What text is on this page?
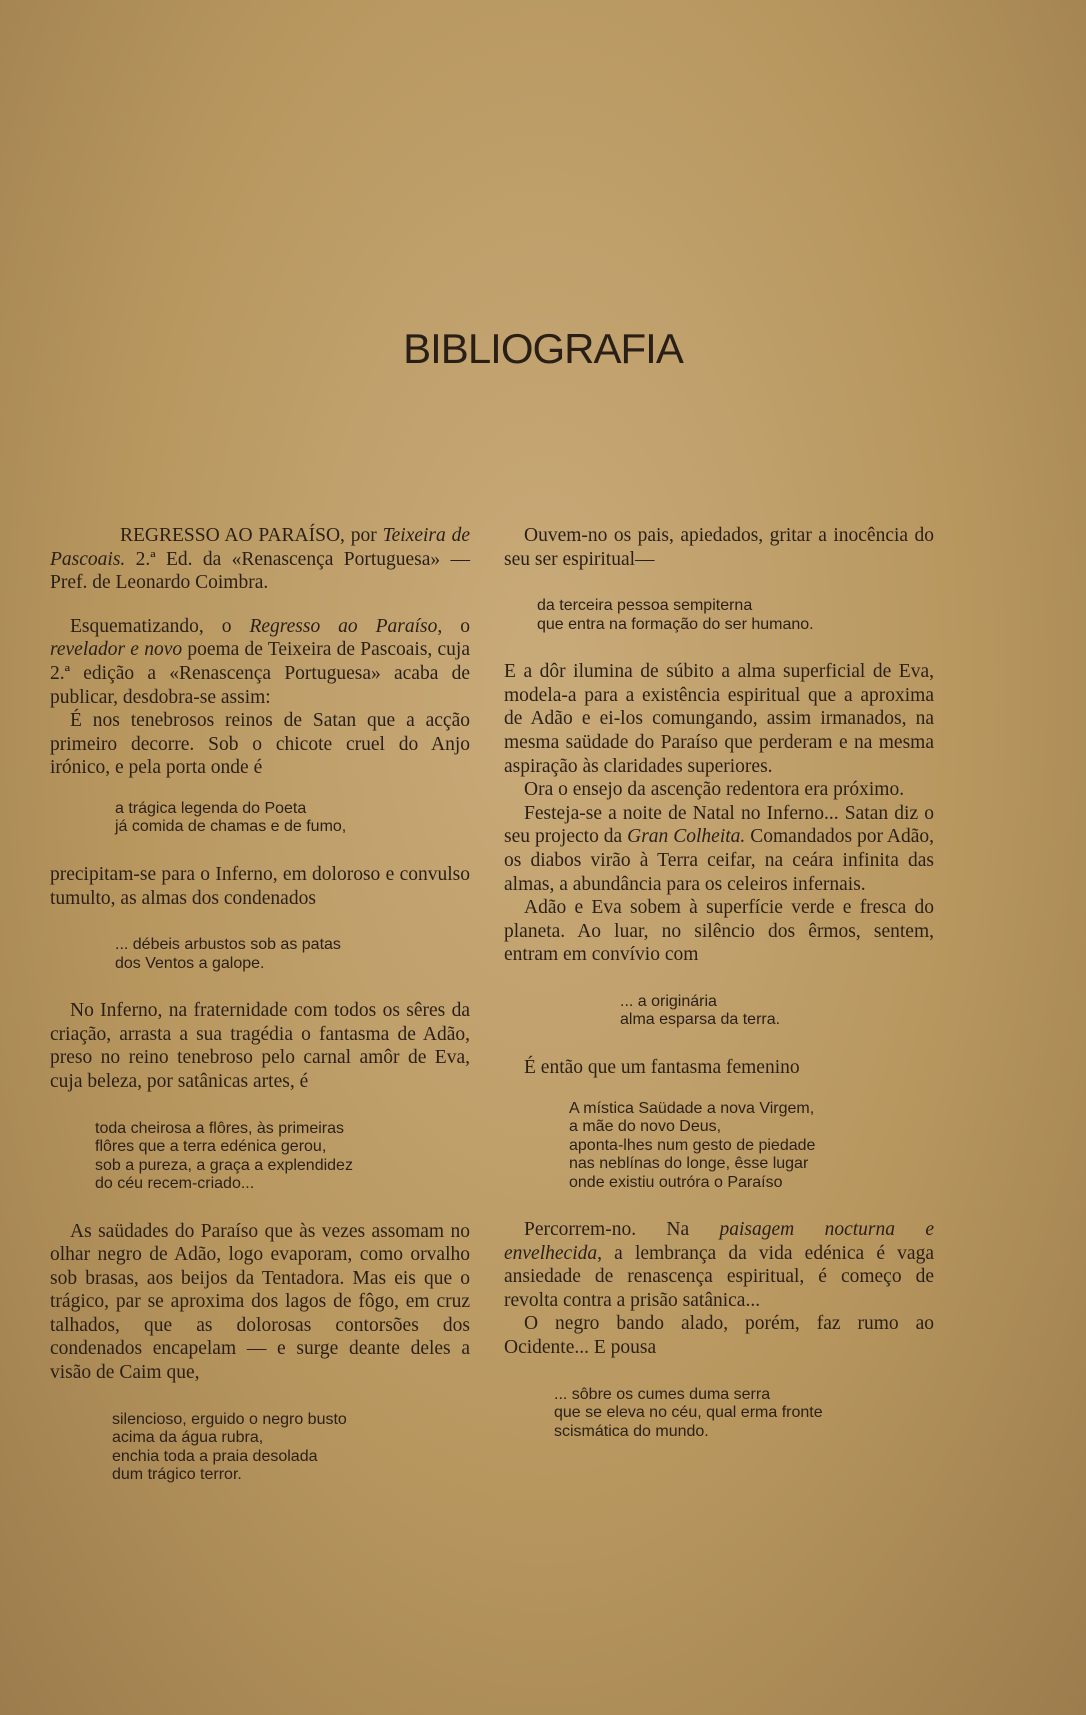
BIBLIOGRAFIA

REGRESSO AO PARAÍSO, por Teixeira de Pascoais. 2.ª Ed. da «Renascença Portuguesa» — Pref. de Leonardo Coimbra.

Esquematizando, o Regresso ao Paraíso, o revelador e novo poema de Teixeira de Pascoais, cuja 2.ª edição a «Renascença Portuguesa» acaba de publicar, desdobra-se assim:

É nos tenebrosos reinos de Satan que a acção primeiro decorre. Sob o chicote cruel do Anjo irónico, e pela porta onde é

a trágica legenda do Poeta
já comida de chamas e de fumo,

precipitam-se para o Inferno, em doloroso e convulso tumulto, as almas dos condenados

... débeis arbustos sob as patas
dos Ventos a galope.

No Inferno, na fraternidade com todos os sêres da criação, arrasta a sua tragédia o fantasma de Adão, preso no reino tenebroso pelo carnal amôr de Eva, cuja beleza, por satânicas artes, é

toda cheirosa a flôres, às primeiras
flôres que a terra edénica gerou,
sob a pureza, a graça a explendidez
do céu recem-criado...

As saüdades do Paraíso que às vezes assomam no olhar negro de Adão, logo evaporam, como orvalho sob brasas, aos beijos da Tentadora. Mas eis que o trágico, par se aproxima dos lagos de fôgo, em cruz talhados, que as dolorosas contorsões dos condenados encapelam — e surge deante deles a visão de Caim que,

silencioso, erguido o negro busto
acima da água rubra,
enchia toda a praia desolada
dum trágico terror.

Ouvem-no os pais, apiedados, gritar a inocência do seu ser espiritual—

da terceira pessoa sempiterna
que entra na formação do ser humano.

E a dôr ilumina de súbito a alma superficial de Eva, modela-a para a existência espiritual que a aproxima de Adão e ei-los comungando, assim irmanados, na mesma saüdade do Paraíso que perderam e na mesma aspiração às claridades superiores.

Ora o ensejo da ascenção redentora era próximo.

Festeja-se a noite de Natal no Inferno... Satan diz o seu projecto da Gran Colheita. Comandados por Adão, os diabos virão à Terra ceifar, na ceára infinita das almas, a abundância para os celeiros infernais.

Adão e Eva sobem à superfície verde e fresca do planeta. Ao luar, no silêncio dos êrmos, sentem, entram em convívio com

... a originária
alma esparsa da terra.

É então que um fantasma femenino

A mística Saüdade a nova Virgem,
a mãe do novo Deus,
aponta-lhes num gesto de piedade
nas neblínas do longe, êsse lugar
onde existiu outróra o Paraíso

Percorrem-no. Na paisagem nocturna e envelhecida, a lembrança da vida edénica é vaga ansiedade de renascença espiritual, é começo de revolta contra a prisão satânica...

O negro bando alado, porém, faz rumo ao Ocidente... E pousa

... sôbre os cumes duma serra
que se eleva no céu, qual erma fronte
scismática do mundo.
